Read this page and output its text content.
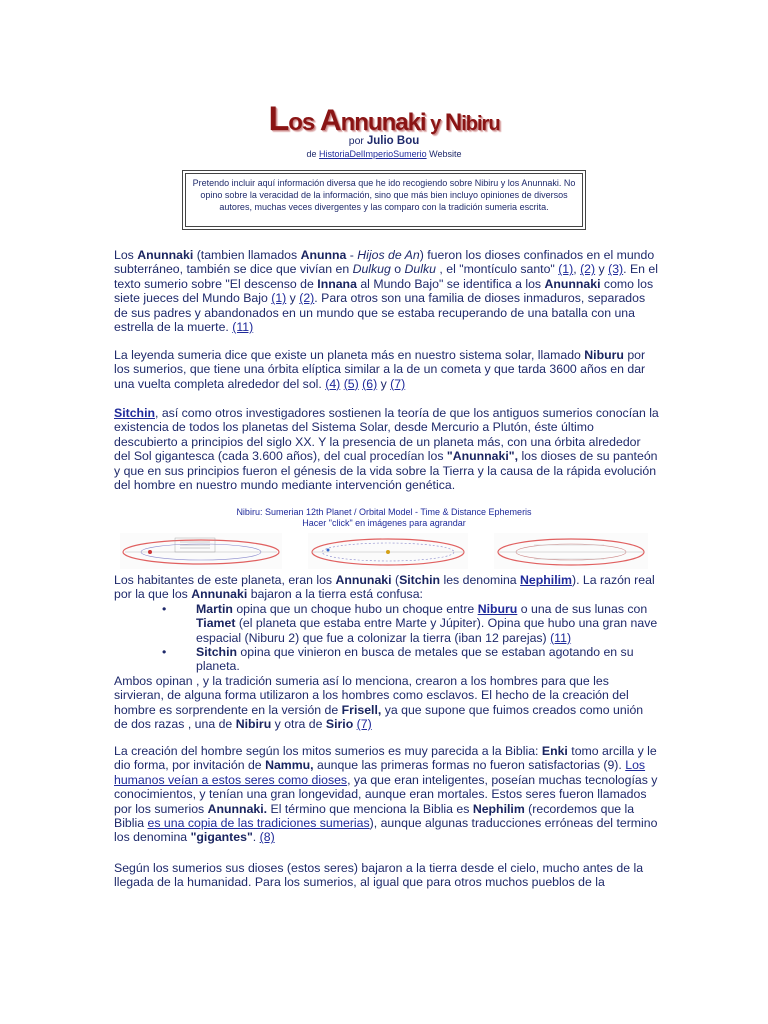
Los Annunaki y Nibiru
por Julio Bou
de HistoriaDelImperioSumerio Website
Pretendo incluir aquí información diversa que he ido recogiendo sobre Nibiru y los Anunnaki. No opino sobre la veracidad de la información, sino que más bien incluyo opiniones de diversos autores, muchas veces divergentes y las comparo con la tradición sumeria escrita.
Los Anunnaki (tambien llamados Anunna - Hijos de An) fueron los dioses confinados en el mundo subterráneo, también se dice que vivían en Dulkug o Dulku , el "montículo santo" (1), (2) y (3). En el texto sumerio sobre "El descenso de Innana al Mundo Bajo" se identifica a los Anunnaki como los siete jueces del Mundo Bajo (1) y (2). Para otros son una familia de dioses inmaduros, separados de sus padres y abandonados en un mundo que se estaba recuperando de una batalla con una estrella de la muerte. (11)
La leyenda sumeria dice que existe un planeta más en nuestro sistema solar, llamado Niburu por los sumerios, que tiene una órbita elíptica similar a la de un cometa y que tarda 3600 años en dar una vuelta completa alrededor del sol. (4) (5) (6) y (7)
Sitchin, así como otros investigadores sostienen la teoría de que los antiguos sumerios conocían la existencia de todos los planetas del Sistema Solar, desde Mercurio a Plutón, éste último descubierto a principios del siglo XX. Y la presencia de un planeta más, con una órbita alrededor del Sol gigantesca (cada 3.600 años), del cual procedían los "Anunnaki", los dioses de su panteón y que en sus principios fueron el génesis de la vida sobre la Tierra y la causa de la rápida evolución del hombre en nuestro mundo mediante intervención genética.
Nibiru: Sumerian 12th Planet / Orbital Model - Time & Distance Ephemeris
Hacer "click" en imágenes para agrandar
Los habitantes de este planeta, eran los Annunaki (Sitchin les denomina Nephilim). La razón real por la que los Annunaki bajaron a la tierra está confusa:
• Martin opina que un choque hubo un choque entre Niburu o una de sus lunas con Tiamet (el planeta que estaba entre Marte y Júpiter). Opina que hubo una gran nave espacial (Niburu 2) que fue a colonizar la tierra (iban 12 parejas) (11)
• Sitchin opina que vinieron en busca de metales que se estaban agotando en su planeta.
Ambos opinan , y la tradición sumeria así lo menciona, crearon a los hombres para que les sirvieran, de alguna forma utilizaron a los hombres como esclavos. El hecho de la creación del hombre es sorprendente en la versión de Frisell, ya que supone que fuimos creados como unión de dos razas , una de Nibiru y otra de Sirio (7)
La creación del hombre según los mitos sumerios es muy parecida a la Biblia: Enki tomo arcilla y le dio forma, por invitación de Nammu, aunque las primeras formas no fueron satisfactorias (9). Los humanos veían a estos seres como dioses, ya que eran inteligentes, poseían muchas tecnologías y conocimientos, y tenían una gran longevidad, aunque eran mortales. Estos seres fueron llamados por los sumerios Anunnaki. El término que menciona la Biblia es Nephilim (recordemos que la Biblia es una copia de las tradiciones sumerias), aunque algunas traducciones erróneas del termino los denomina "gigantes". (8)
Según los sumerios sus dioses (estos seres) bajaron a la tierra desde el cielo, mucho antes de la llegada de la humanidad. Para los sumerios, al igual que para otros muchos pueblos de la
